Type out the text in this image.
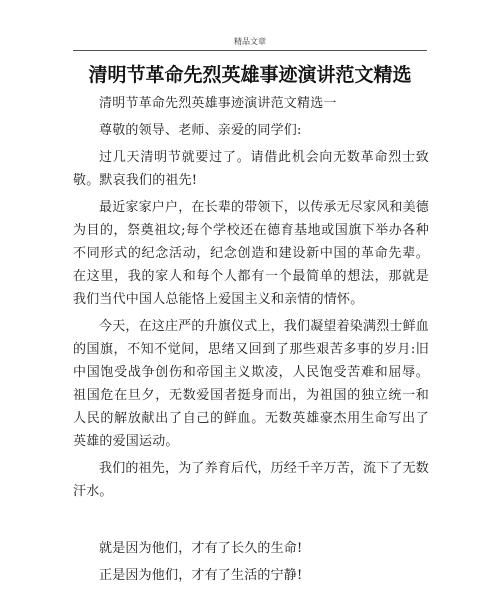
精品文章
清明节革命先烈英雄事迹演讲范文精选

清明节革命先烈英雄事迹演讲范文精选一

尊敬的领导、老师、亲爱的同学们:

过几天清明节就要过了。请借此机会向无数革命烈士致敬。默哀我们的祖先!

最近家家户户，在长辈的带领下，以传承无尽家风和美德为目的，祭奠祖坟;每个学校还在德育基地或国旗下举办各种不同形式的纪念活动，纪念创造和建设新中国的革命先辈。在这里，我的家人和每个人都有一个最简单的想法，那就是我们当代中国人总能恪上爱国主义和亲情的情怀。

今天，在这庄严的升旗仪式上，我们凝望着染满烈士鲜血的国旗，不知不觉间，思绪又回到了那些艰苦多事的岁月:旧中国饱受战争创伤和帝国主义欺凌，人民饱受苦难和屈辱。祖国危在旦夕，无数爱国者挺身而出，为祖国的独立统一和人民的解放献出了自己的鲜血。无数英雄豪杰用生命写出了英雄的爱国运动。

我们的祖先，为了养育后代，历经千辛万苦，流下了无数汗水。

就是因为他们，才有了长久的生命!

正是因为他们，才有了生活的宁静!
